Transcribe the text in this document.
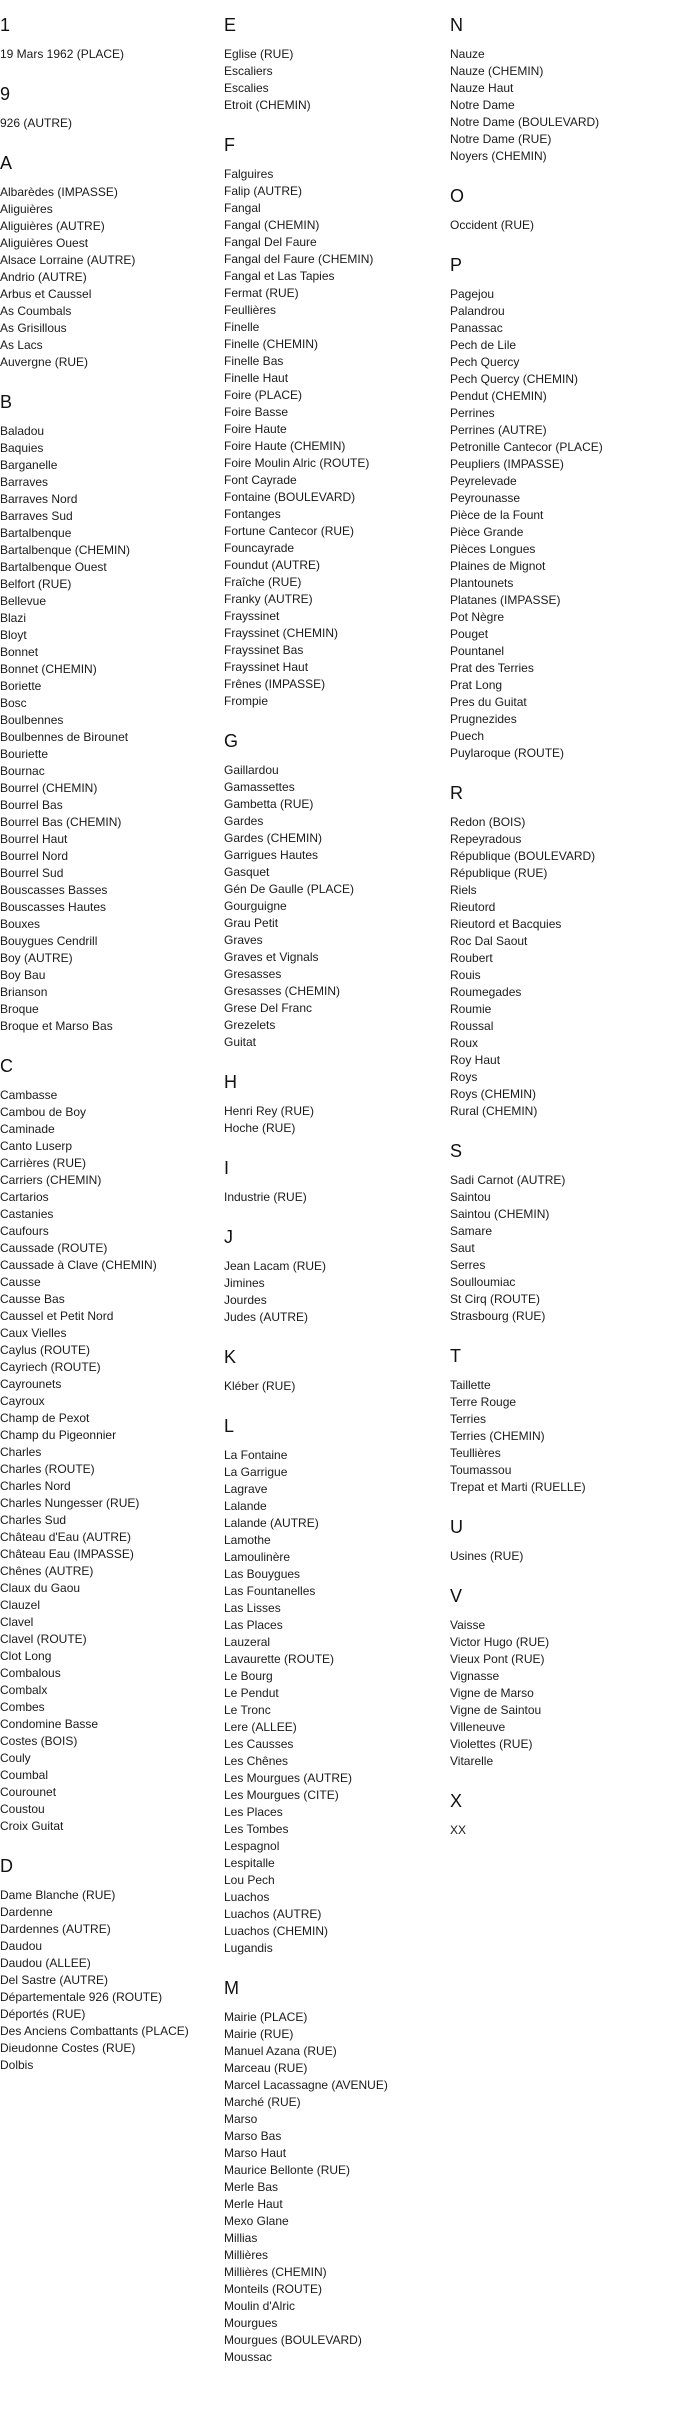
1
19 Mars 1962 (PLACE)
9
926 (AUTRE)
A
Albarèdes (IMPASSE)
Aliguières
Aliguières (AUTRE)
Aliguières Ouest
Alsace Lorraine (AUTRE)
Andrio (AUTRE)
Arbus et Caussel
As Coumbals
As Grisillous
As Lacs
Auvergne (RUE)
B
Baladou
Baquies
Barganelle
Barraves
Barraves Nord
Barraves Sud
Bartalbenque
Bartalbenque (CHEMIN)
Bartalbenque Ouest
Belfort (RUE)
Bellevue
Blazi
Bloyt
Bonnet
Bonnet (CHEMIN)
Boriette
Bosc
Boulbennes
Boulbennes de Birounet
Bouriette
Bournac
Bourrel (CHEMIN)
Bourrel Bas
Bourrel Bas (CHEMIN)
Bourrel Haut
Bourrel Nord
Bourrel Sud
Bouscasses Basses
Bouscasses Hautes
Bouxes
Bouygues Cendrill
Boy (AUTRE)
Boy Bau
Brianson
Broque
Broque et Marso Bas
C
Cambasse
Cambou de Boy
Caminade
Canto Luserp
Carrières (RUE)
Carriers (CHEMIN)
Cartarios
Castanies
Caufours
Caussade (ROUTE)
Caussade à Clave (CHEMIN)
Causse
Causse Bas
Caussel et Petit Nord
Caux Vielles
Caylus (ROUTE)
Cayriech (ROUTE)
Cayrounets
Cayroux
Champ de Pexot
Champ du Pigeonnier
Charles
Charles (ROUTE)
Charles Nord
Charles Nungesser (RUE)
Charles Sud
Château d'Eau (AUTRE)
Château Eau (IMPASSE)
Chênes (AUTRE)
Claux du Gaou
Clauzel
Clavel
Clavel (ROUTE)
Clot Long
Combalous
Combalx
Combes
Condomine Basse
Costes (BOIS)
Couly
Coumbal
Courounet
Coustou
Croix Guitat
D
Dame Blanche (RUE)
Dardenne
Dardennes (AUTRE)
Daudou
Daudou (ALLEE)
Del Sastre (AUTRE)
Départementale 926 (ROUTE)
Déportés (RUE)
Des Anciens Combattants (PLACE)
Dieudonne Costes (RUE)
Dolbis
E
Eglise (RUE)
Escaliers
Escalies
Etroit (CHEMIN)
F
Falguires
Falip (AUTRE)
Fangal
Fangal (CHEMIN)
Fangal Del Faure
Fangal del Faure (CHEMIN)
Fangal et Las Tapies
Fermat (RUE)
Feullières
Finelle
Finelle (CHEMIN)
Finelle Bas
Finelle Haut
Foire (PLACE)
Foire Basse
Foire Haute
Foire Haute (CHEMIN)
Foire Moulin Alric (ROUTE)
Font Cayrade
Fontaine (BOULEVARD)
Fontanges
Fortune Cantecor (RUE)
Founcayrade
Foundut (AUTRE)
Fraîche (RUE)
Franky (AUTRE)
Frayssinet
Frayssinet (CHEMIN)
Frayssinet Bas
Frayssinet Haut
Frênes (IMPASSE)
Frompie
G
Gaillardou
Gamassettes
Gambetta (RUE)
Gardes
Gardes (CHEMIN)
Garrigues Hautes
Gasquet
Gén De Gaulle (PLACE)
Gourguigne
Grau Petit
Graves
Graves et Vignals
Gresasses
Gresasses (CHEMIN)
Grese Del Franc
Grezelets
Guitat
H
Henri Rey (RUE)
Hoche (RUE)
I
Industrie (RUE)
J
Jean Lacam (RUE)
Jimines
Jourdes
Judes (AUTRE)
K
Kléber (RUE)
L
La Fontaine
La Garrigue
Lagrave
Lalande
Lalande (AUTRE)
Lamothe
Lamoulinère
Las Bouygues
Las Fountanelles
Las Lisses
Las Places
Lauzeral
Lavaurette (ROUTE)
Le Bourg
Le Pendut
Le Tronc
Lere (ALLEE)
Les Causses
Les Chênes
Les Mourgues (AUTRE)
Les Mourgues (CITE)
Les Places
Les Tombes
Lespagnol
Lespitalle
Lou Pech
Luachos
Luachos (AUTRE)
Luachos (CHEMIN)
Lugandis
M
Mairie (PLACE)
Mairie (RUE)
Manuel Azana (RUE)
Marceau (RUE)
Marcel Lacassagne (AVENUE)
Marché (RUE)
Marso
Marso Bas
Marso Haut
Maurice Bellonte (RUE)
Merle Bas
Merle Haut
Mexo Glane
Millias
Millières
Millières (CHEMIN)
Monteils (ROUTE)
Moulin d'Alric
Mourgues
Mourgues (BOULEVARD)
Moussac
N
Nauze
Nauze (CHEMIN)
Nauze Haut
Notre Dame
Notre Dame (BOULEVARD)
Notre Dame (RUE)
Noyers (CHEMIN)
O
Occident (RUE)
P
Pagejou
Palandrou
Panassac
Pech de Lile
Pech Quercy
Pech Quercy (CHEMIN)
Pendut (CHEMIN)
Perrines
Perrines (AUTRE)
Petronille Cantecor (PLACE)
Peupliers (IMPASSE)
Peyrelevade
Peyrounasse
Pièce de la Fount
Pièce Grande
Pièces Longues
Plaines de Mignot
Plantounets
Platanes (IMPASSE)
Pot Nègre
Pouget
Pountanel
Prat des Terries
Prat Long
Pres du Guitat
Prugnezides
Puech
Puylaroque (ROUTE)
R
Redon (BOIS)
Repeyradous
République (BOULEVARD)
République (RUE)
Riels
Rieutord
Rieutord et Bacquies
Roc Dal Saout
Roubert
Rouis
Roumegades
Roumie
Roussal
Roux
Roy Haut
Roys
Roys (CHEMIN)
Rural (CHEMIN)
S
Sadi Carnot (AUTRE)
Saintou
Saintou (CHEMIN)
Samare
Saut
Serres
Soulloumiac
St Cirq (ROUTE)
Strasbourg (RUE)
T
Taillette
Terre Rouge
Terries
Terries (CHEMIN)
Teullières
Toumassou
Trepat et Marti (RUELLE)
U
Usines (RUE)
V
Vaisse
Victor Hugo (RUE)
Vieux Pont (RUE)
Vignasse
Vigne de Marso
Vigne de Saintou
Villeneuve
Violettes (RUE)
Vitarelle
X
XX
